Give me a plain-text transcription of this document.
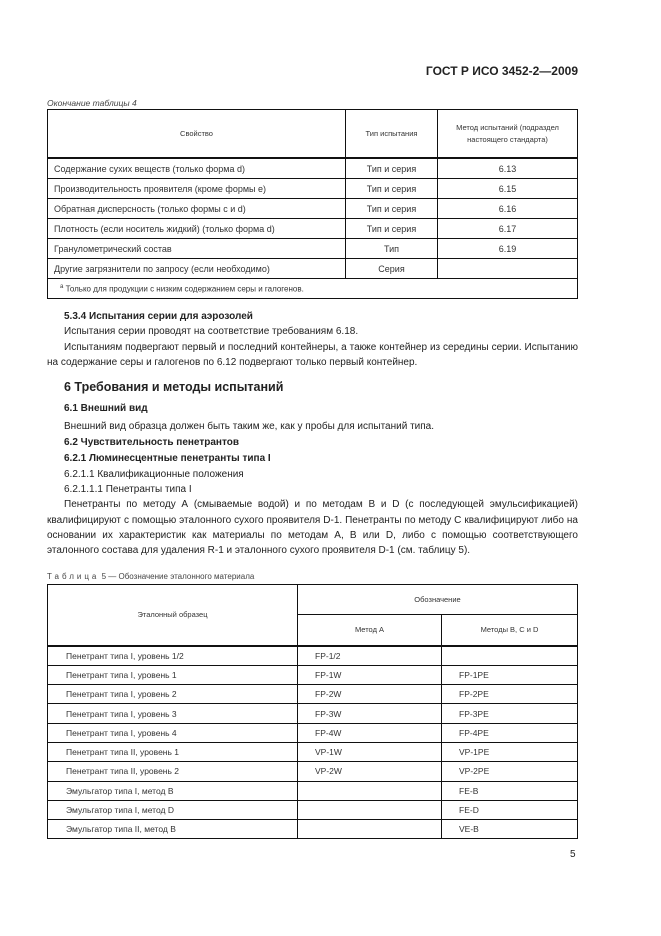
ГОСТ Р ИСО 3452-2—2009
Окончание таблицы 4
Свойство	Тип испытания	Метод испытаний (подраздел настоящего стандарта)
Содержание сухих веществ (только форма d)	Тип и серия	6.13
Производительность проявителя (кроме формы e)	Тип и серия	6.15
Обратная дисперсность (только формы с и d)	Тип и серия	6.16
Плотность (если носитель жидкий) (только форма d)	Тип и серия	6.17
Гранулометрический состав	Тип	6.19
Другие загрязнители по запросу (если необходимо)	Серия	
$^a$ Только для продукции с низким содержанием серы и галогенов.		

5.3.4 Испытания серии для аэрозолей

Испытания серии проводят на соответствие требованиям 6.18.

Испытаниям подвергают первый и последний контейнеры, а также контейнер из середины серии. Испытанию на содержание серы и галогенов по 6.12 подвергают только первый контейнер.

6 Требования и методы испытаний

6.1 Внешний вид

Внешний вид образца должен быть таким же, как у пробы для испытаний типа.

6.2 Чувствительность пенетрантов

6.2.1 Люминесцентные пенетранты типа I

6.2.1.1 Квалификационные положения

6.2.1.1.1 Пенетранты типа I

Пенетранты по методу А (смываемые водой) и по методам В и D (с последующей эмульсификацией) квалифицируют с помощью эталонного сухого проявителя D-1. Пенетранты по методу С квалифицируют либо на основании их характеристик как материалы по методам А, В или D, либо с помощью соответствующего эталонного состава для удаления R-1 и эталонного сухого проявителя D-1 (см. таблицу 5).

Таблица 5 — Обозначение эталонного материала
Эталонный образец	Обозначение	
	Метод А	Методы В, С и D
Пенетрант типа I, уровень 1/2	FP-1/2	
Пенетрант типа I, уровень 1	FP-1W	FP-1PE
Пенетрант типа I, уровень 2	FP-2W	FP-2PE
Пенетрант типа I, уровень 3	FP-3W	FP-3PE
Пенетрант типа I, уровень 4	FP-4W	FP-4PE
Пенетрант типа II, уровень 1	VP-1W	VP-1PE
Пенетрант типа II, уровень 2	VP-2W	VP-2PE
Эмульгатор типа I, метод В		FE-B
Эмульгатор типа I, метод D		FE-D
Эмульгатор типа II, метод В		VE-B
5
